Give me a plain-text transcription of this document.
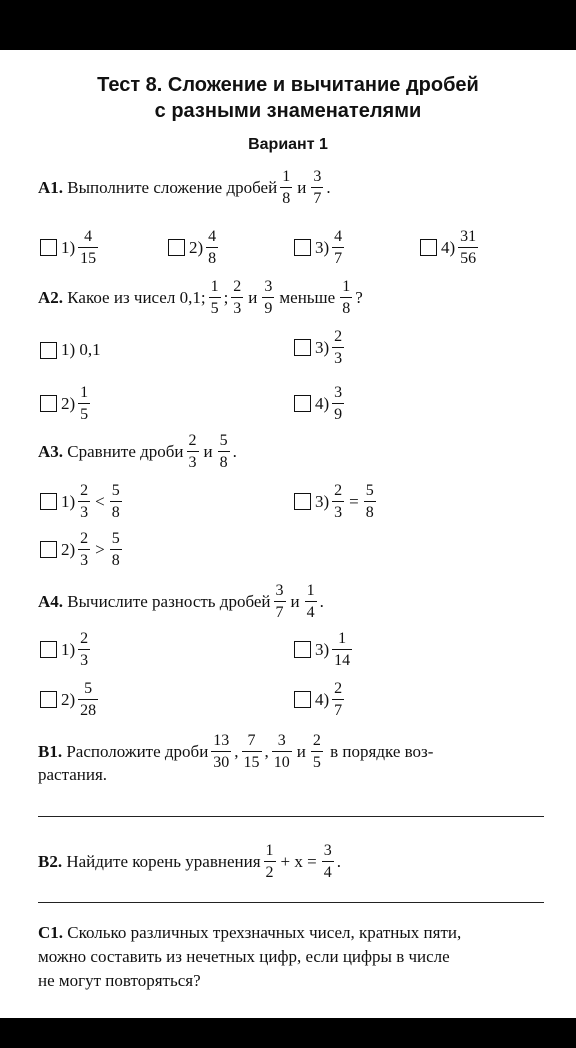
Тест 8. Сложение и вычитание дробей
с разными знаменателями
Вариант 1
А1.
Выполните сложение дробей $\frac{1}{8}$ и $\frac{3}{7}$ .
$1) \frac{4}{15}$	$2) \frac{4}{8}$	$3) \frac{4}{7}$	$4) \frac{31}{56}$
А2.
Какое из чисел 0,1; $\frac{1}{5}$ ; $\frac{2}{3}$ и $\frac{3}{9}$ меньше $\frac{1}{8}$ ?
1)
0,1	$3) \frac{2}{3}$
$2) \frac{1}{5}$	$4) \frac{3}{9}$
А3.
Сравните дроби $\frac{2}{3}$ и $\frac{5}{8}$ .
$1) \frac{2}{3} < \frac{5}{8}$	$3) \frac{2}{3} = \frac{5}{8}$
$2) \frac{2}{3} > \frac{5}{8}$
А4.
Вычислите разность дробей $\frac{3}{7}$ и $\frac{1}{4}$ .
$1) \frac{2}{3}$	$3) \frac{1}{14}$
$2) \frac{5}{28}$	$4) \frac{2}{7}$
В1.
Расположите дроби $\frac{13}{30}$ , $\frac{7}{15}$ , $\frac{3}{10}$ и $\frac{2}{5}$
в порядке воз-
растания.
В2.
Найдите корень уравнения $\frac{1}{2} + x = \frac{3}{4}$ .
С1.
Сколько различных трехзначных чисел, кратных пяти,
можно составить из нечетных цифр, если цифры в числе
не могут повторяться?
